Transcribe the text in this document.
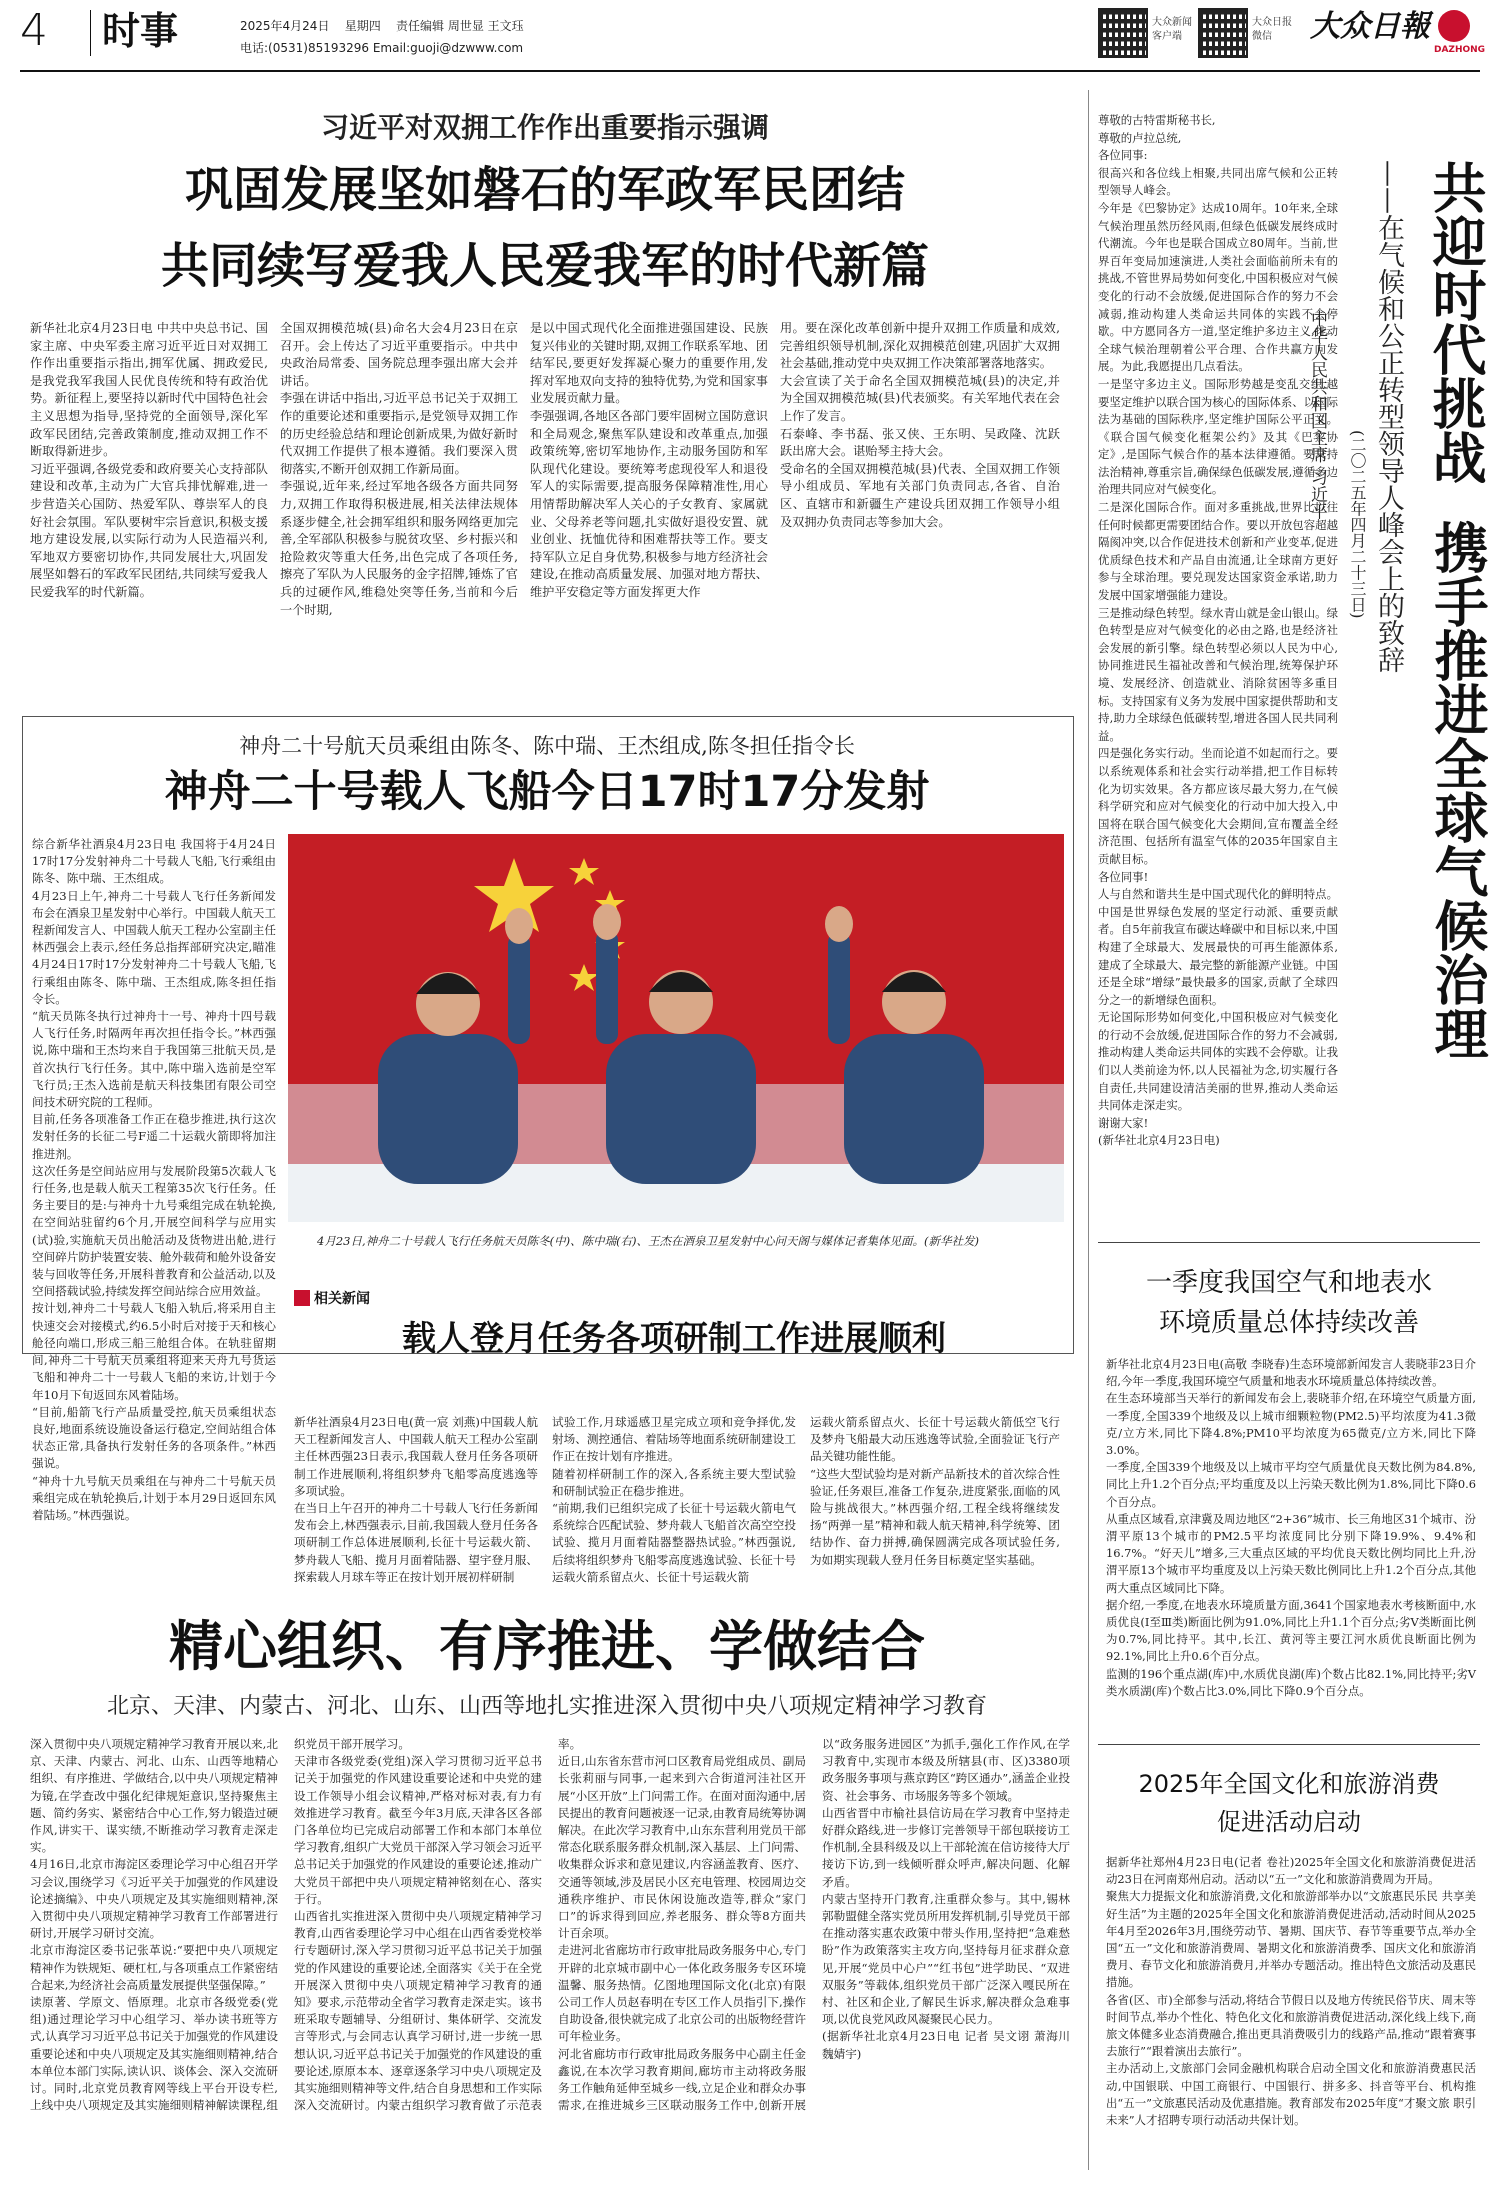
4 时事	2025年4月24日 星期四 责任编辑 周世显 王文珏
电话:(0531)85193296 Email:guoji@dzwww.com
大众新闻
客户端
大众日报
微信	大众日報
DAZHONG
习近平对双拥工作作出重要指示强调
巩固发展坚如磐石的军政军民团结
共同续写爱我人民爱我军的时代新篇
新华社北京4月23日电 中共中央总书记、国家主席、中央军委主席习近平近日对双拥工作作出重要指示指出,拥军优属、拥政爱民,是我党我军我国人民优良传统和特有政治优势。新征程上,要坚持以新时代中国特色社会主义思想为指导,坚持党的全面领导,深化军政军民团结,完善政策制度,推动双拥工作不断取得新进步。
习近平强调,各级党委和政府要关心支持部队建设和改革,主动为广大官兵排忧解难,进一步营造关心国防、热爱军队、尊崇军人的良好社会氛围。军队要树牢宗旨意识,积极支援地方建设发展,以实际行动为人民造福兴利,军地双方要密切协作,共同发展壮大,巩固发展坚如磐石的军政军民团结,共同续写爱我人民爱我军的时代新篇。
全国双拥模范城(县)命名大会4月23日在京召开。会上传达了习近平重要指示。中共中央政治局常委、国务院总理李强出席大会并讲话。
李强在讲话中指出,习近平总书记关于双拥工作的重要论述和重要指示,是党领导双拥工作的历史经验总结和理论创新成果,为做好新时代双拥工作提供了根本遵循。我们要深入贯彻落实,不断开创双拥工作新局面。
李强说,近年来,经过军地各级各方面共同努力,双拥工作取得积极进展,相关法律法规体系逐步健全,社会拥军组织和服务网络更加完善,全军部队积极参与脱贫攻坚、乡村振兴和抢险救灾等重大任务,出色完成了各项任务,擦亮了军队为人民服务的金字招牌,锤炼了官兵的过硬作风,维稳处突等任务,当前和今后一个时期,
是以中国式现代化全面推进强国建设、民族复兴伟业的关键时期,双拥工作联系军地、团结军民,要更好发挥凝心聚力的重要作用,发挥对军地双向支持的独特优势,为党和国家事业发展贡献力量。
李强强调,各地区各部门要牢固树立国防意识和全局观念,聚焦军队建设和改革重点,加强政策统筹,密切军地协作,主动服务国防和军队现代化建设。要统筹考虑现役军人和退役军人的实际需要,提高服务保障精准性,用心用情帮助解决军人关心的子女教育、家属就业、父母养老等问题,扎实做好退役安置、就业创业、抚恤优待和困难帮扶等工作。要支持军队立足自身优势,积极参与地方经济社会建设,在推动高质量发展、加强对地方帮扶、维护平安稳定等方面发挥更大作
用。要在深化改革创新中提升双拥工作质量和成效,完善组织领导机制,深化双拥模范创建,巩固扩大双拥社会基础,推动党中央双拥工作决策部署落地落实。
大会宣读了关于命名全国双拥模范城(县)的决定,并为全国双拥模范城(县)代表颁奖。有关军地代表在会上作了发言。
石泰峰、李书磊、张又侠、王东明、吴政隆、沈跃跃出席大会。谌贻琴主持大会。
受命名的全国双拥模范城(县)代表、全国双拥工作领导小组成员、军地有关部门负责同志,各省、自治区、直辖市和新疆生产建设兵团双拥工作领导小组及双拥办负责同志等参加大会。
神舟二十号航天员乘组由陈冬、陈中瑞、王杰组成,陈冬担任指令长
神舟二十号载人飞船今日17时17分发射
综合新华社酒泉4月23日电 我国将于4月24日17时17分发射神舟二十号载人飞船,飞行乘组由陈冬、陈中瑞、王杰组成。
4月23日上午,神舟二十号载人飞行任务新闻发布会在酒泉卫星发射中心举行。中国载人航天工程新闻发言人、中国载人航天工程办公室副主任林西强会上表示,经任务总指挥部研究决定,瞄准4月24日17时17分发射神舟二十号载人飞船,飞行乘组由陈冬、陈中瑞、王杰组成,陈冬担任指令长。
“航天员陈冬执行过神舟十一号、神舟十四号载人飞行任务,时隔两年再次担任指令长。”林西强说,陈中瑞和王杰均来自于我国第三批航天员,是首次执行飞行任务。其中,陈中瑞入选前是空军飞行员;王杰入选前是航天科技集团有限公司空间技术研究院的工程师。
目前,任务各项准备工作正在稳步推进,执行这次发射任务的长征二号F遥二十运载火箭即将加注推进剂。
这次任务是空间站应用与发展阶段第5次载人飞行任务,也是载人航天工程第35次飞行任务。任务主要目的是:与神舟十九号乘组完成在轨轮换,在空间站驻留约6个月,开展空间科学与应用实(试)验,实施航天员出舱活动及货物进出舱,进行空间碎片防护装置安装、舱外载荷和舱外设备安装与回收等任务,开展科普教育和公益活动,以及空间搭载试验,持续发挥空间站综合应用效益。
按计划,神舟二十号载人飞船入轨后,将采用自主快速交会对接模式,约6.5小时后对接于天和核心舱径向端口,形成三船三舱组合体。在轨驻留期间,神舟二十号航天员乘组将迎来天舟九号货运飞船和神舟二十一号载人飞船的来访,计划于今年10月下旬返回东风着陆场。
“目前,船箭飞行产品质量受控,航天员乘组状态良好,地面系统设施设备运行稳定,空间站组合体状态正常,具备执行发射任务的各项条件。”林西强说。
“神舟十九号航天员乘组在与神舟二十号航天员乘组完成在轨轮换后,计划于本月29日返回东风着陆场。”林西强说。
4月23日,神舟二十号载人飞行任务航天员陈冬(中)、陈中瑞(右)、王杰在酒泉卫星发射中心问天阁与媒体记者集体见面。(新华社发)
相关新闻
载人登月任务各项研制工作进展顺利
新华社酒泉4月23日电(黄一宸 刘燕)中国载人航天工程新闻发言人、中国载人航天工程办公室副主任林西强23日表示,我国载人登月任务各项研制工作进展顺利,将组织梦舟飞船零高度逃逸等多项试验。
在当日上午召开的神舟二十号载人飞行任务新闻发布会上,林西强表示,目前,我国载人登月任务各项研制工作总体进展顺利,长征十号运载火箭、梦舟载人飞船、揽月月面着陆器、望宇登月服、探索载人月球车等正在按计划开展初样研制
试验工作,月球遥感卫星完成立项和竞争择优,发射场、测控通信、着陆场等地面系统研制建设工作正在按计划有序推进。
随着初样研制工作的深入,各系统主要大型试验和研制试验正在稳步推进。
“前期,我们已组织完成了长征十号运载火箭电气系统综合匹配试验、梦舟载人飞船首次高空空投试验、揽月月面着陆器整器热试验。”林西强说,后续将组织梦舟飞船零高度逃逸试验、长征十号运载火箭系留点火、长征十号运载火箭
运载火箭系留点火、长征十号运载火箭低空飞行及梦舟飞船最大动压逃逸等试验,全面验证飞行产品关键功能性能。
“这些大型试验均是对新产品新技术的首次综合性验证,任务艰巨,准备工作复杂,进度紧张,面临的风险与挑战很大。”林西强介绍,工程全线将继续发扬“两弹一星”精神和载人航天精神,科学统筹、团结协作、奋力拼搏,确保圆满完成各项试验任务,为如期实现载人登月任务目标奠定坚实基础。
精心组织、有序推进、学做结合
北京、天津、内蒙古、河北、山东、山西等地扎实推进深入贯彻中央八项规定精神学习教育
深入贯彻中央八项规定精神学习教育开展以来,北京、天津、内蒙古、河北、山东、山西等地精心组织、有序推进、学做结合,以中央八项规定精神为镜,在学查改中强化纪律规矩意识,坚持聚焦主题、简约务实、紧密结合中心工作,努力锻造过硬作风,讲实干、谋实绩,不断推动学习教育走深走实。
4月16日,北京市海淀区委理论学习中心组召开学习会议,围绕学习《习近平关于加强党的作风建设论述摘编》、中央八项规定及其实施细则精神,深入贯彻中央八项规定精神学习教育工作部署进行研讨,开展学习研讨交流。
北京市海淀区委书记张革说:“要把中央八项规定精神作为铁规矩、硬杠杠,与各项重点工作紧密结合起来,为经济社会高质量发展提供坚强保障。”
读原著、学原文、悟原理。北京市各级党委(党组)通过理论学习中心组学习、举办读书班等方式,认真学习习近平总书记关于加强党的作风建设重要论述和中央八项规定及其实施细则精神,结合本单位本部门实际,读认识、谈体会、深入交流研讨。同时,北京党员教育网等线上平台开设专栏,上线中央八项规定及其实施细则精神解读课程,组织党员干部开展学习。
天津市各级党委(党组)深入学习贯彻习近平总书记关于加强党的作风建设重要论述和中央党的建设工作领导小组会议精神,严格对标对表,有力有效推进学习教育。截至今年3月底,天津各区各部门各单位均已完成启动部署工作和本部门本单位学习教育,组织广大党员干部深入学习领会习近平总书记关于加强党的作风建设的重要论述,推动广大党员干部把中央八项规定精神铭刻在心、落实于行。
山西省扎实推进深入贯彻中央八项规定精神学习教育,山西省委理论学习中心组在山西省委党校举行专题研讨,深入学习贯彻习近平总书记关于加强党的作风建设的重要论述,全面落实《关于在全党开展深入贯彻中央八项规定精神学习教育的通知》要求,示范带动全省学习教育走深走实。该书班采取专题辅导、分组研讨、集体研学、交流发言等形式,与会同志认真学习研讨,进一步统一思想认识,习近平总书记关于加强党的作风建设的重要论述,原原本本、逐章逐条学习中央八项规定及其实施细则精神等文件,结合自身思想和工作实际深入交流研讨。内蒙古组织学习教育做了示范表率。
近日,山东省东营市河口区教育局党组成员、副局长张莉丽与同事,一起来到六合街道河洼社区开展“小区开放”上门问需工作。在面对面沟通中,居民提出的教育问题被逐一记录,由教育局统筹协调解决。在此次学习教育中,山东东营利用党员干部常态化联系服务群众机制,深入基层、上门问需、收集群众诉求和意见建议,内容涵盖教育、医疗、交通等领域,涉及居民小区充电管理、校园周边交通秩序维护、市民休闲设施改造等,群众“家门口”的诉求得到回应,养老服务、群众等8方面共计百余项。
走进河北省廊坊市行政审批局政务服务中心,专门开辟的北京城市副中心一体化政务服务专区环境温馨、服务热情。亿图地理国际文化(北京)有限公司工作人员赵春明在专区工作人员指引下,操作自助设备,很快就完成了北京公司的出版物经营许可年检业务。
河北省廊坊市行政审批局政务服务中心副主任金鑫说,在本次学习教育期间,廊坊市主动将政务服务工作触角延伸至城乡一线,立足企业和群众办事需求,在推进城乡三区联动服务工作中,创新开展以“政务服务进园区”为抓手,强化工作作风,在学习教育中,实现市本级及所辖县(市、区)3380项政务服务事项与燕京跨区“跨区通办”,涵盖企业投资、社会事务、市场服务等多个领域。
山西省晋中市榆社县信访局在学习教育中坚持走好群众路线,进一步修订完善领导干部包联接访工作机制,全县科级及以上干部轮流在信访接待大厅接访下访,到一线倾听群众呼声,解决问题、化解矛盾。
内蒙古坚持开门教育,注重群众参与。其中,锡林郭勒盟健全落实党员所用发挥机制,引导党员干部在推动落实惠农政策中带头作用,坚持把“急难愁盼”作为政策落实主攻方向,坚持每月征求群众意见,开展“党员中心户”“红书包”进学助民、“双进双服务”等载体,组织党员干部广泛深入嘎民所在村、社区和企业,了解民生诉求,解决群众急难事项,以优良党风政风凝聚民心民力。
(据新华社北京4月23日电 记者 吴文诩 萧海川 魏婧宇)
尊敬的古特雷斯秘书长,
尊敬的卢拉总统,
各位同事:
很高兴和各位线上相聚,共同出席气候和公正转型领导人峰会。
今年是《巴黎协定》达成10周年。10年来,全球气候治理虽然历经风雨,但绿色低碳发展终成时代潮流。今年也是联合国成立80周年。当前,世界百年变局加速演进,人类社会面临前所未有的挑战,不管世界局势如何变化,中国积极应对气候变化的行动不会放缓,促进国际合作的努力不会减弱,推动构建人类命运共同体的实践不会停歇。中方愿同各方一道,坚定维护多边主义,推动全球气候治理朝着公平合理、合作共赢方向发展。为此,我愿提出几点看法。
一是坚守多边主义。国际形势越是变乱交织,越要坚定维护以联合国为核心的国际体系、以国际法为基础的国际秩序,坚定维护国际公平正义。《联合国气候变化框架公约》及其《巴黎协定》,是国际气候合作的基本法律遵循。要秉持法治精神,尊重宗旨,确保绿色低碳发展,遵循多边治理共同应对气候变化。
二是深化国际合作。面对多重挑战,世界比以往任何时候都更需要团结合作。要以开放包容超越隔阂冲突,以合作促进技术创新和产业变革,促进优质绿色技术和产品自由流通,让全球南方更好参与全球治理。要兑现发达国家资金承诺,助力发展中国家增强能力建设。
三是推动绿色转型。绿水青山就是金山银山。绿色转型是应对气候变化的必由之路,也是经济社会发展的新引擎。绿色转型必须以人民为中心,协同推进民生福祉改善和气候治理,统筹保护环境、发展经济、创造就业、消除贫困等多重目标。支持国家有义务为发展中国家提供帮助和支持,助力全球绿色低碳转型,增进各国人民共同利益。
四是强化务实行动。坐而论道不如起而行之。要以系统观体系和社会实行动举措,把工作目标转化为切实效果。各方都应该尽最大努力,在气候科学研究和应对气候变化的行动中加大投入,中国将在联合国气候变化大会期间,宣布覆盖全经济范围、包括所有温室气体的2035年国家自主贡献目标。
各位同事!
人与自然和谐共生是中国式现代化的鲜明特点。中国是世界绿色发展的坚定行动派、重要贡献者。自5年前我宣布碳达峰碳中和目标以来,中国构建了全球最大、发展最快的可再生能源体系,建成了全球最大、最完整的新能源产业链。中国还是全球“增绿”最快最多的国家,贡献了全球四分之一的新增绿色面积。
无论国际形势如何变化,中国积极应对气候变化的行动不会放缓,促进国际合作的努力不会减弱,推动构建人类命运共同体的实践不会停歇。让我们以人类前途为怀,以人民福祉为念,切实履行各自责任,共同建设清洁美丽的世界,推动人类命运共同体走深走实。
谢谢大家!
(新华社北京4月23日电)
共迎时代挑战
携手推进全球气候治理
——在气候和公正转型领导人峰会上的致辞
(二〇二五年四月二十三日)
中华人民共和国主席 习近平
一季度我国空气和地表水
环境质量总体持续改善
新华社北京4月23日电(高敬 李晓春)生态环境部新闻发言人裴晓菲23日介绍,今年一季度,我国环境空气质量和地表水环境质量总体持续改善。
在生态环境部当天举行的新闻发布会上,裴晓菲介绍,在环境空气质量方面,一季度,全国339个地级及以上城市细颗粒物(PM2.5)平均浓度为41.3微克/立方米,同比下降4.8%;PM10平均浓度为65微克/立方米,同比下降3.0%。
一季度,全国339个地级及以上城市平均空气质量优良天数比例为84.8%,同比上升1.2个百分点;平均重度及以上污染天数比例为1.8%,同比下降0.6个百分点。
从重点区域看,京津冀及周边地区“2+36”城市、长三角地区31个城市、汾渭平原13个城市的PM2.5平均浓度同比分别下降19.9%、9.4%和16.7%。“好天儿”增多,三大重点区域的平均优良天数比例均同比上升,汾渭平原13个城市平均重度及以上污染天数比例同比上升1.2个百分点,其他两大重点区域同比下降。
据介绍,一季度,在地表水环境质量方面,3641个国家地表水考核断面中,水质优良(Ⅰ至Ⅲ类)断面比例为91.0%,同比上升1.1个百分点;劣Ⅴ类断面比例为0.7%,同比持平。其中,长江、黄河等主要江河水质优良断面比例为92.1%,同比上升0.6个百分点。
监测的196个重点湖(库)中,水质优良湖(库)个数占比82.1%,同比持平;劣Ⅴ类水质湖(库)个数占比3.0%,同比下降0.9个百分点。
2025年全国文化和旅游消费
促进活动启动
据新华社郑州4月23日电(记者 卷社)2025年全国文化和旅游消费促进活动23日在河南郑州启动。活动以“五一”文化和旅游消费周为开局。
聚焦大力提振文化和旅游消费,文化和旅游部举办以“文旅惠民乐民 共享美好生活”为主题的2025年全国文化和旅游消费促进活动,活动时间从2025年4月至2026年3月,围绕劳动节、暑期、国庆节、春节等重要节点,举办全国“五一”文化和旅游消费周、暑期文化和旅游消费季、国庆文化和旅游消费月、春节文化和旅游消费月,并举办专题活动。推出特色文旅活动及惠民措施。
各省(区、市)全部参与活动,将结合节假日以及地方传统民俗节庆、周末等时间节点,举办个性化、特色化文化和旅游消费促进活动,深化线上线下,商旅文体健多业态消费融合,推出更具消费吸引力的线路产品,推动“跟着赛事去旅行”“跟着演出去旅行”。
主办活动上,文旅部门会同金融机构联合启动全国文化和旅游消费惠民活动,中国银联、中国工商银行、中国银行、拼多多、抖音等平台、机构推出“五一”文旅惠民活动及优惠措施。教育部发布2025年度“才聚文旅 职引未来”人才招聘专项行动活动共保计划。
